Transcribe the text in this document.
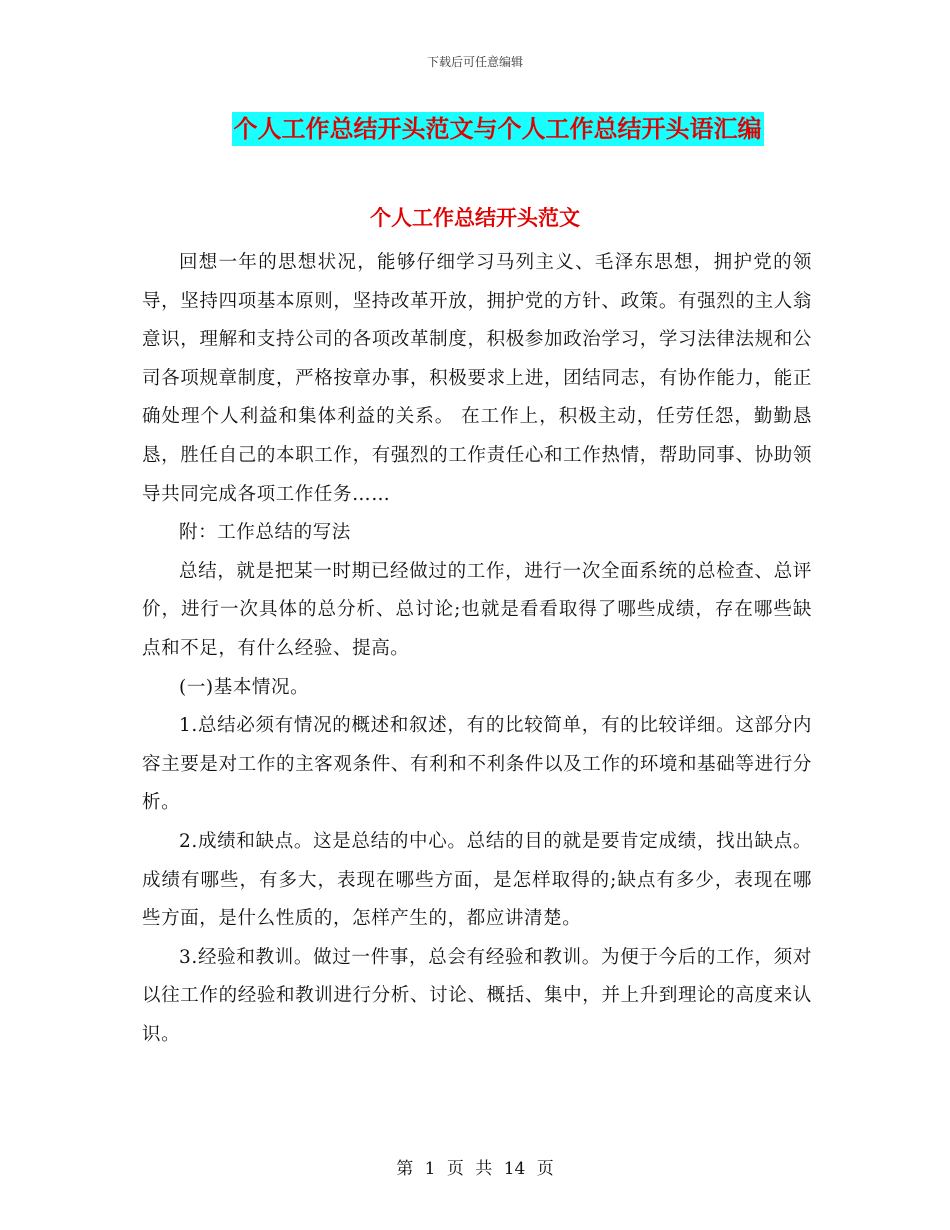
下载后可任意编辑
个人工作总结开头范文与个人工作总结开头语汇编
个人工作总结开头范文

回想一年的思想状况，能够仔细学习马列主义、毛泽东思想，拥护党的领导，坚持四项基本原则，坚持改革开放，拥护党的方针、政策。有强烈的主人翁意识，理解和支持公司的各项改革制度，积极参加政治学习，学习法律法规和公司各项规章制度，严格按章办事，积极要求上进，团结同志，有协作能力，能正确处理个人利益和集体利益的关系。 在工作上，积极主动，任劳任怨，勤勤恳恳，胜任自己的本职工作，有强烈的工作责任心和工作热情，帮助同事、协助领导共同完成各项工作任务……

附：工作总结的写法

总结，就是把某一时期已经做过的工作，进行一次全面系统的总检查、总评价，进行一次具体的总分析、总讨论;也就是看看取得了哪些成绩，存在哪些缺点和不足，有什么经验、提高。

(一)基本情况。

1.总结必须有情况的概述和叙述，有的比较简单，有的比较详细。这部分内容主要是对工作的主客观条件、有利和不利条件以及工作的环境和基础等进行分析。

2.成绩和缺点。这是总结的中心。总结的目的就是要肯定成绩，找出缺点。成绩有哪些，有多大，表现在哪些方面，是怎样取得的;缺点有多少，表现在哪些方面，是什么性质的，怎样产生的，都应讲清楚。

3.经验和教训。做过一件事，总会有经验和教训。为便于今后的工作，须对以往工作的经验和教训进行分析、讨论、概括、集中，并上升到理论的高度来认识。

第 1 页 共 14 页
